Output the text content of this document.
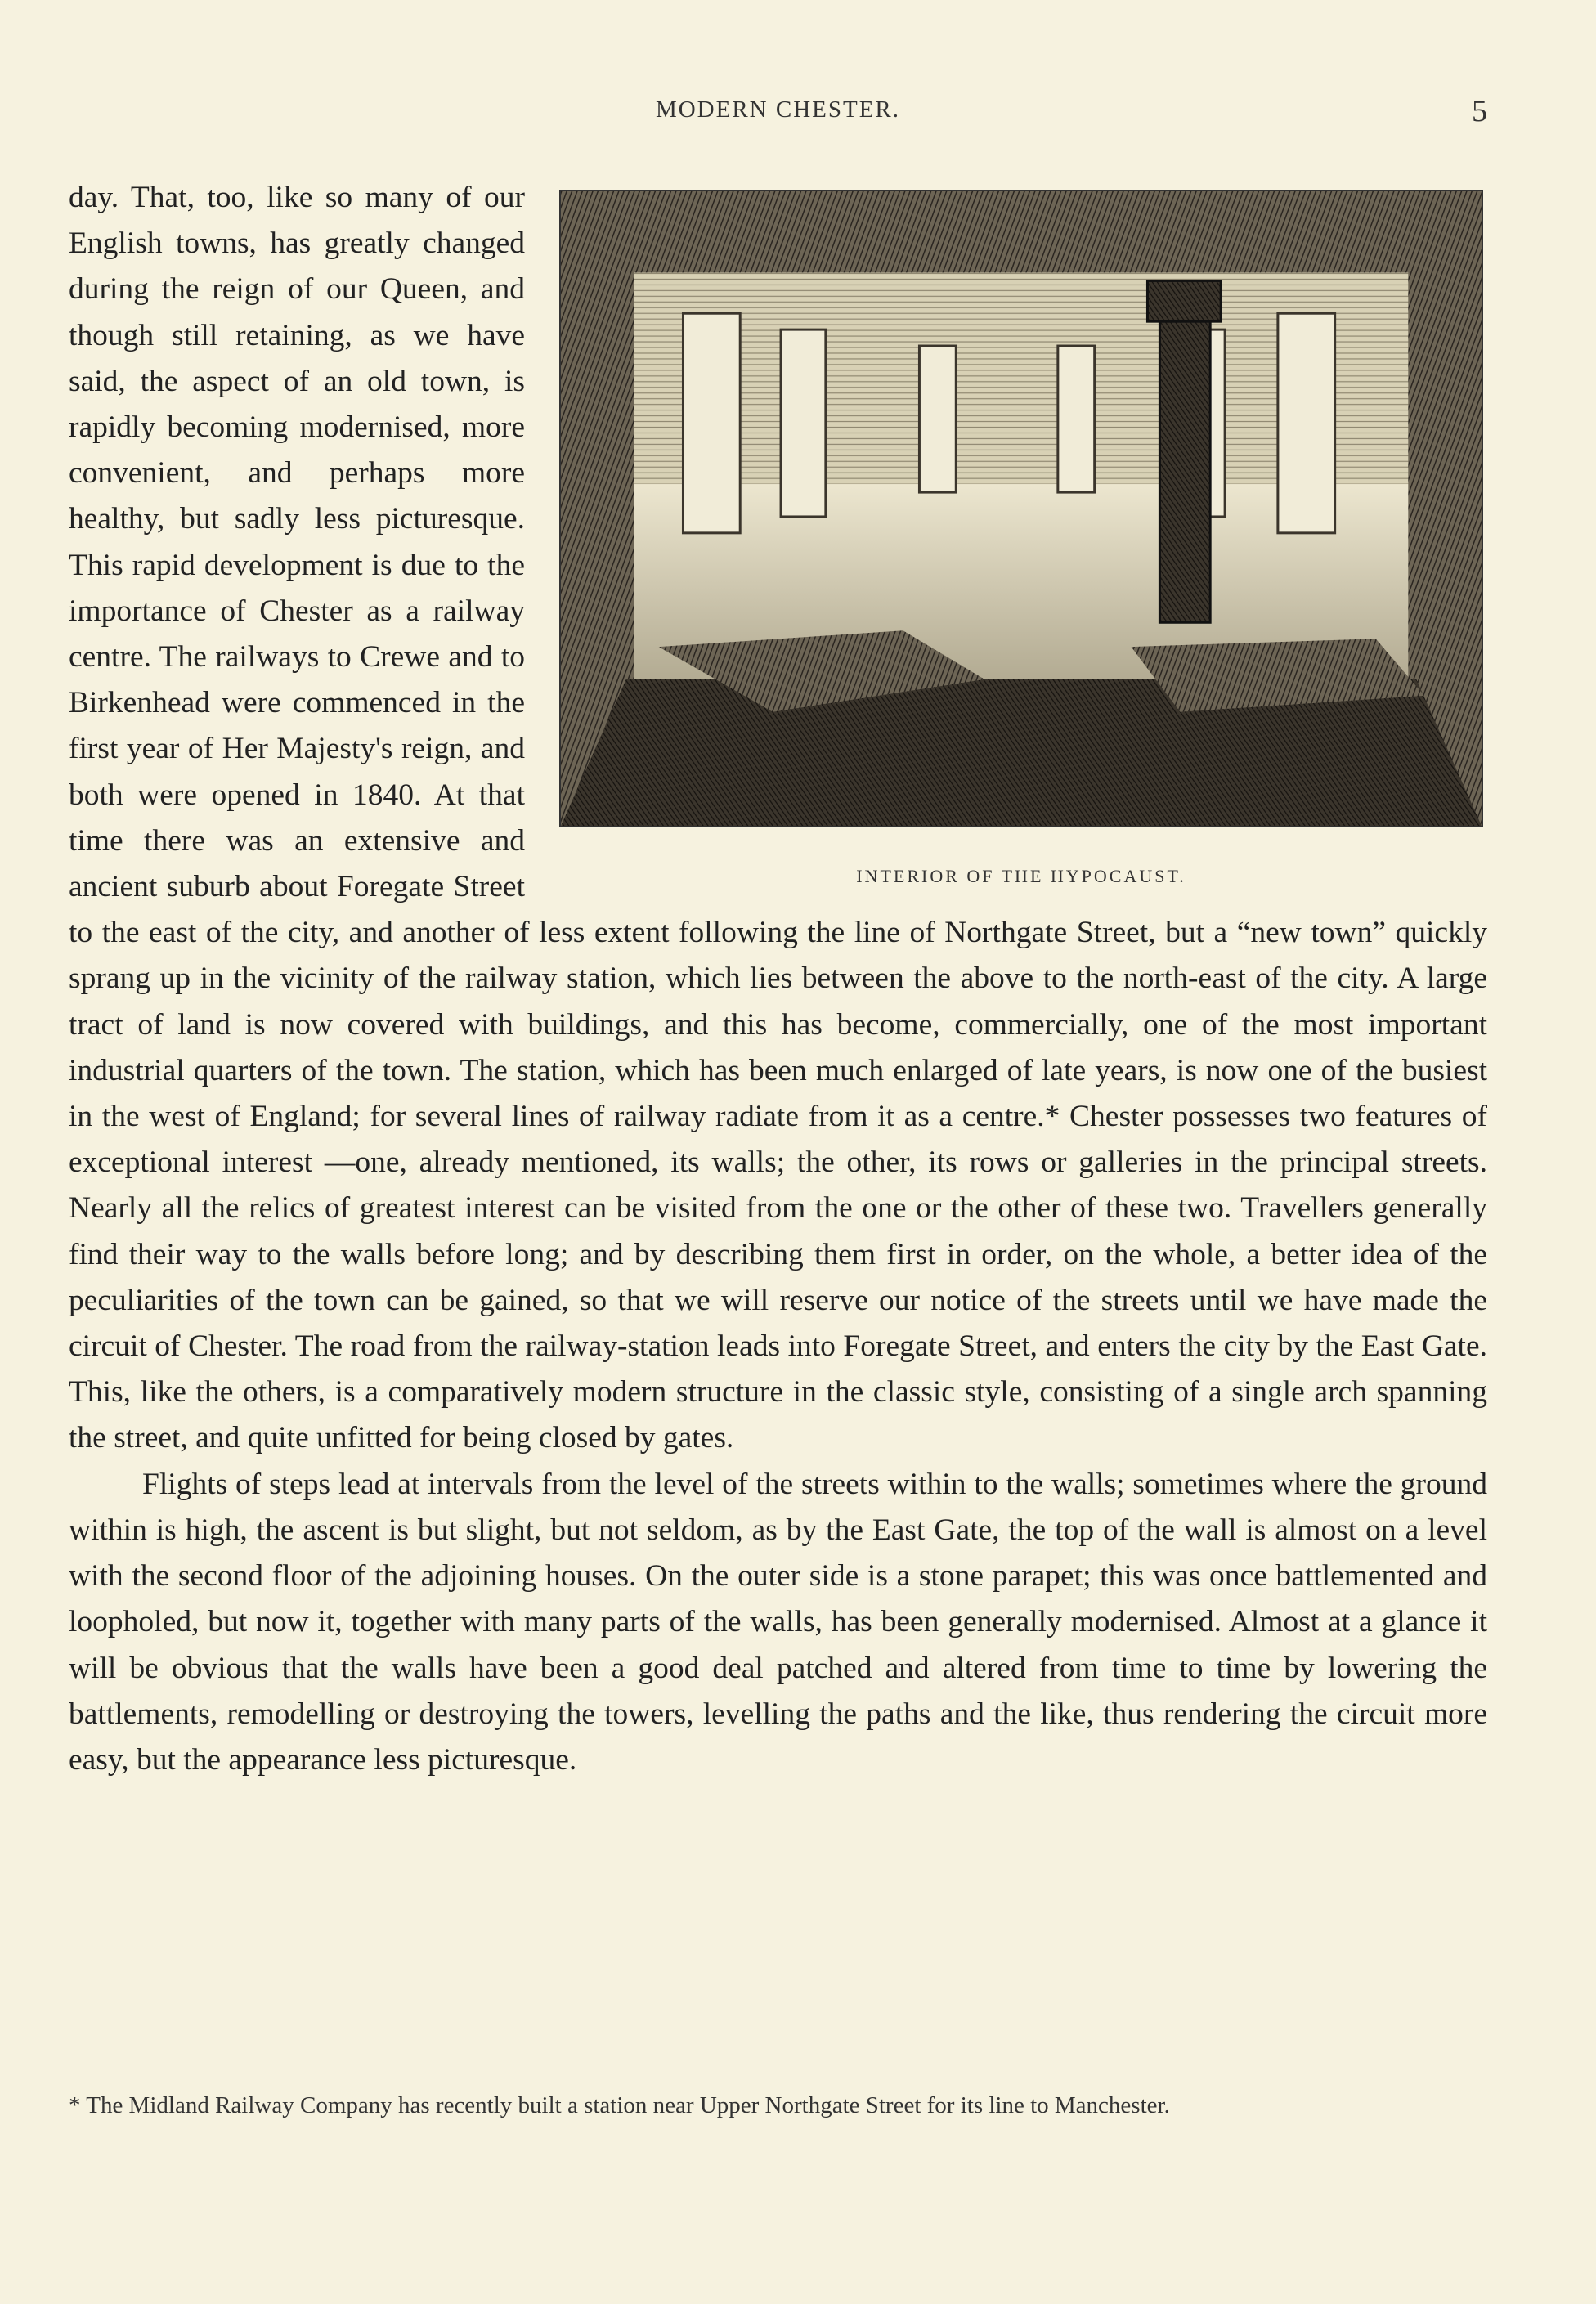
MODERN CHESTER.	5
INTERIOR OF THE HYPOCAUST.

day. That, too, like so many of our English towns, has greatly changed during the reign of our Queen, and though still retaining, as we have said, the aspect of an old town, is rapidly becoming modernised, more convenient, and perhaps more healthy, but sadly less picturesque. This rapid development is due to the importance of Chester as a railway centre. The railways to Crewe and to Birkenhead were commenced in the first year of Her Majesty's reign, and both were opened in 1840. At that time there was an extensive and ancient suburb about Foregate Street to the east of the city, and another of less extent following the line of Northgate Street, but a “new town” quickly sprang up in the vicinity of the railway station, which lies between the above to the north-east of the city. A large tract of land is now covered with buildings, and this has become, commercially, one of the most important industrial quarters of the town. The station, which has been much enlarged of late years, is now one of the busiest in the west of England; for several lines of railway radiate from it as a centre.* Chester possesses two features of exceptional interest —one, already mentioned, its walls; the other, its rows or galleries in the principal streets. Nearly all the relics of greatest interest can be visited from the one or the other of these two. Travellers generally find their way to the walls before long; and by describing them first in order, on the whole, a better idea of the peculiarities of the town can be gained, so that we will reserve our notice of the streets until we have made the circuit of Chester. The road from the railway-station leads into Foregate Street, and enters the city by the East Gate. This, like the others, is a comparatively modern structure in the classic style, consisting of a single arch spanning the street, and quite unfitted for being closed by gates.

Flights of steps lead at intervals from the level of the streets within to the walls; sometimes where the ground within is high, the ascent is but slight, but not seldom, as by the East Gate, the top of the wall is almost on a level with the second floor of the adjoining houses. On the outer side is a stone parapet; this was once battlemented and loopholed, but now it, together with many parts of the walls, has been generally modernised. Almost at a glance it will be obvious that the walls have been a good deal patched and altered from time to time by lowering the battlements, remodelling or destroying the towers, levelling the paths and the like, thus rendering the circuit more easy, but the appearance less picturesque.

* The Midland Railway Company has recently built a station near Upper Northgate Street for its line to Manchester.
